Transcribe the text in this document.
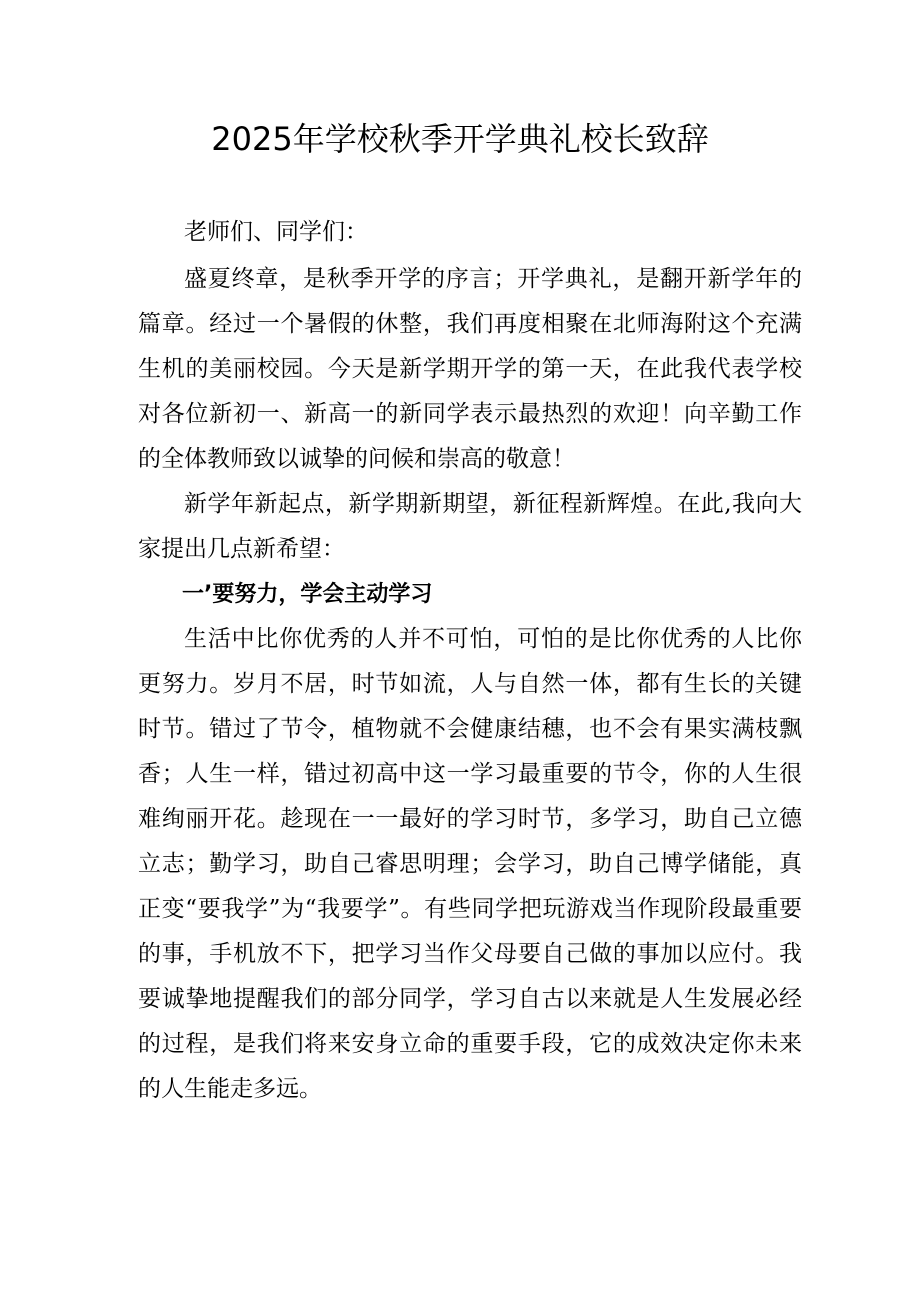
2025年学校秋季开学典礼校长致辞

老师们、同学们：

盛夏终章，是秋季开学的序言；开学典礼，是翻开新学年的篇章。经过一个暑假的休整，我们再度相聚在北师海附这个充满生机的美丽校园。今天是新学期开学的第一天，在此我代表学校对各位新初一、新高一的新同学表示最热烈的欢迎！向辛勤工作的全体教师致以诚挚的问候和崇高的敬意！

新学年新起点，新学期新期望，新征程新辉煌。在此,我向大家提出几点新希望：

一’要努力，学会主动学习

生活中比你优秀的人并不可怕，可怕的是比你优秀的人比你更努力。岁月不居，时节如流，人与自然一体，都有生长的关键时节。错过了节令，植物就不会健康结穗，也不会有果实满枝飘香；人生一样，错过初高中这一学习最重要的节令，你的人生很难绚丽开花。趁现在一一最好的学习时节，多学习，助自己立德立志；勤学习，助自己睿思明理；会学习，助自己博学储能，真正变“要我学”为“我要学”。有些同学把玩游戏当作现阶段最重要的事，手机放不下，把学习当作父母要自己做的事加以应付。我要诚挚地提醒我们的部分同学，学习自古以来就是人生发展必经的过程，是我们将来安身立命的重要手段，它的成效决定你未来的人生能走多远。
